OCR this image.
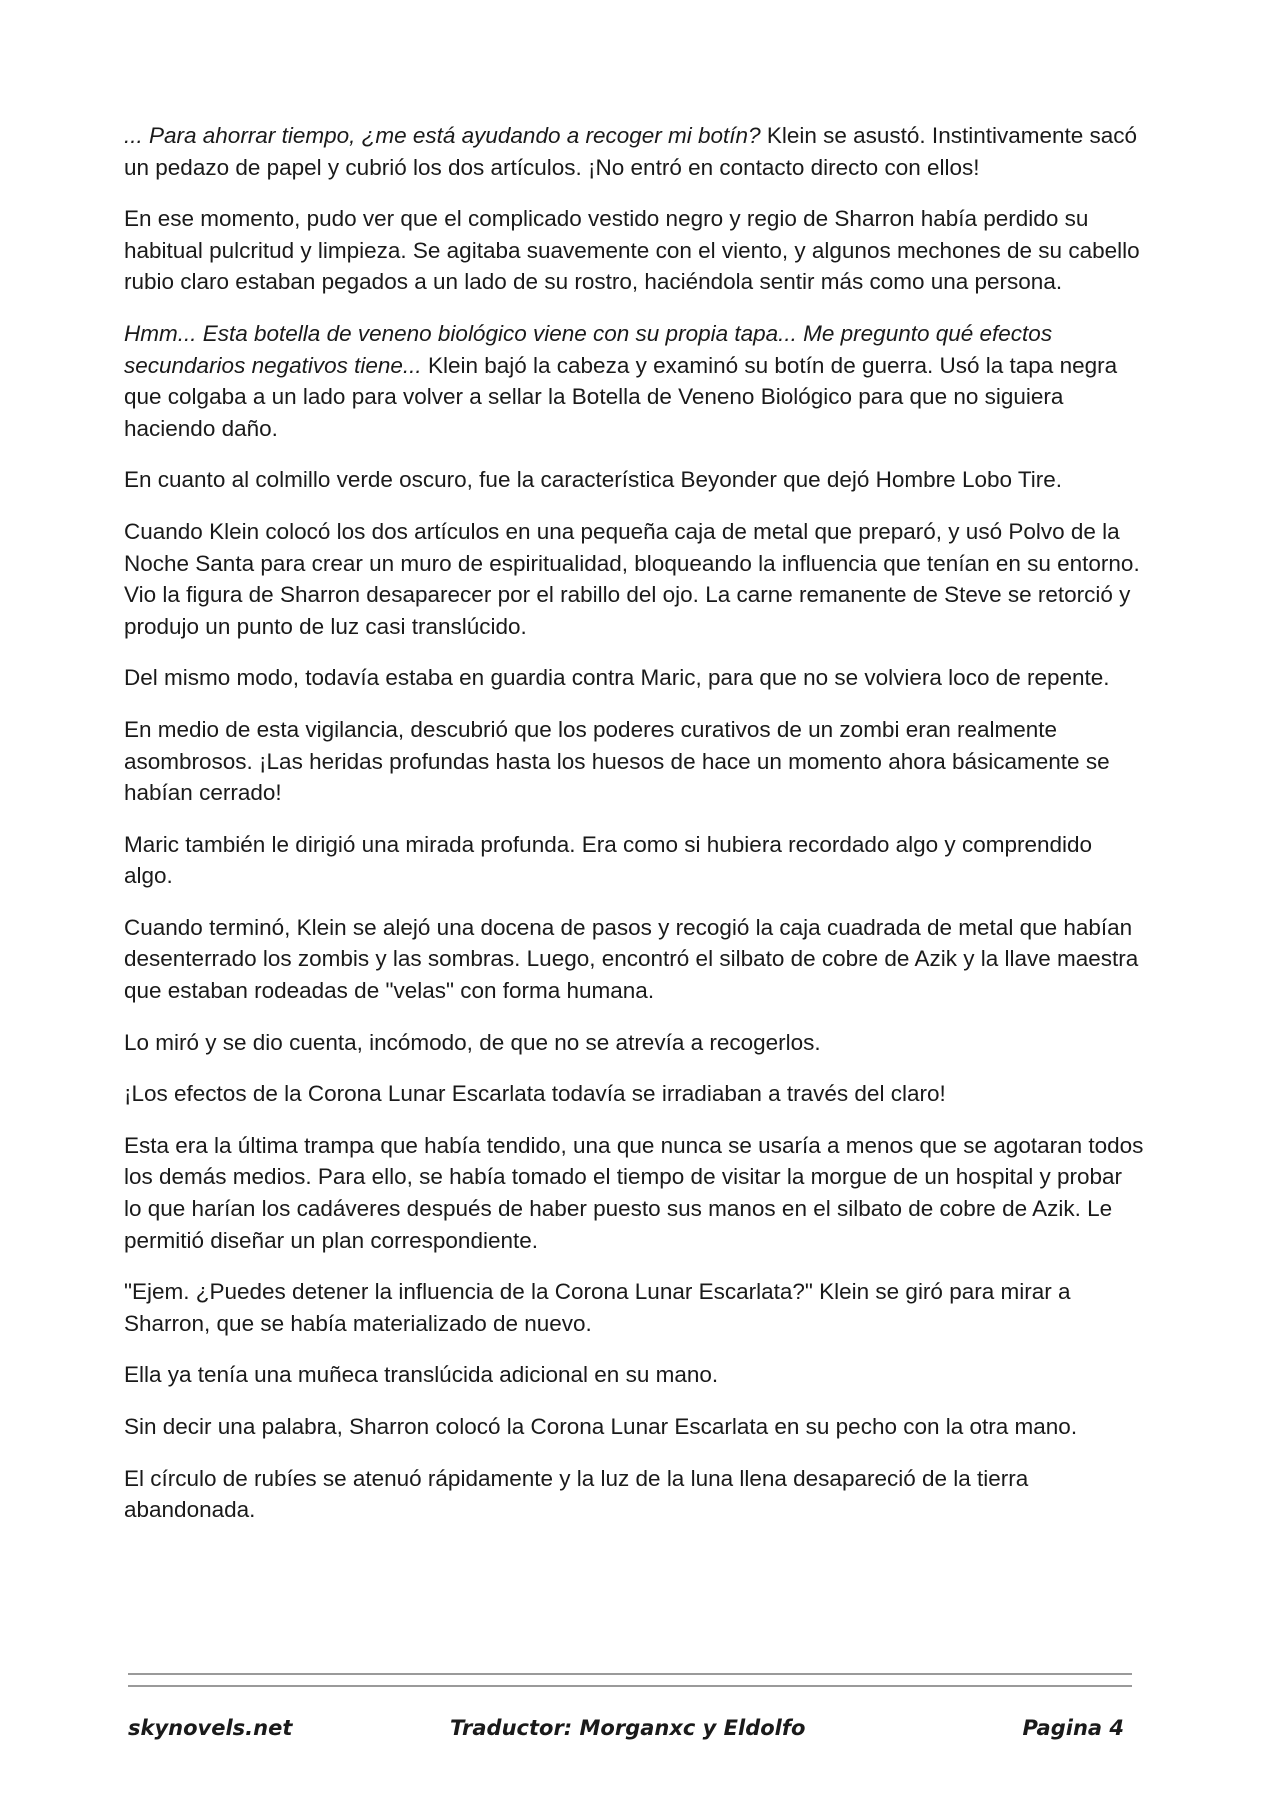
... Para ahorrar tiempo, ¿me está ayudando a recoger mi botín? Klein se asustó. Instintivamente sacó un pedazo de papel y cubrió los dos artículos. ¡No entró en contacto directo con ellos!

En ese momento, pudo ver que el complicado vestido negro y regio de Sharron había perdido su habitual pulcritud y limpieza. Se agitaba suavemente con el viento, y algunos mechones de su cabello rubio claro estaban pegados a un lado de su rostro, haciéndola sentir más como una persona.

Hmm... Esta botella de veneno biológico viene con su propia tapa... Me pregunto qué efectos secundarios negativos tiene... Klein bajó la cabeza y examinó su botín de guerra. Usó la tapa negra que colgaba a un lado para volver a sellar la Botella de Veneno Biológico para que no siguiera haciendo daño.

En cuanto al colmillo verde oscuro, fue la característica Beyonder que dejó Hombre Lobo Tire.

Cuando Klein colocó los dos artículos en una pequeña caja de metal que preparó, y usó Polvo de la Noche Santa para crear un muro de espiritualidad, bloqueando la influencia que tenían en su entorno. Vio la figura de Sharron desaparecer por el rabillo del ojo. La carne remanente de Steve se retorció y produjo un punto de luz casi translúcido.

Del mismo modo, todavía estaba en guardia contra Maric, para que no se volviera loco de repente.

En medio de esta vigilancia, descubrió que los poderes curativos de un zombi eran realmente asombrosos. ¡Las heridas profundas hasta los huesos de hace un momento ahora básicamente se habían cerrado!

Maric también le dirigió una mirada profunda. Era como si hubiera recordado algo y comprendido algo.

Cuando terminó, Klein se alejó una docena de pasos y recogió la caja cuadrada de metal que habían desenterrado los zombis y las sombras. Luego, encontró el silbato de cobre de Azik y la llave maestra que estaban rodeadas de "velas" con forma humana.

Lo miró y se dio cuenta, incómodo, de que no se atrevía a recogerlos.

¡Los efectos de la Corona Lunar Escarlata todavía se irradiaban a través del claro!

Esta era la última trampa que había tendido, una que nunca se usaría a menos que se agotaran todos los demás medios. Para ello, se había tomado el tiempo de visitar la morgue de un hospital y probar lo que harían los cadáveres después de haber puesto sus manos en el silbato de cobre de Azik. Le permitió diseñar un plan correspondiente.

"Ejem. ¿Puedes detener la influencia de la Corona Lunar Escarlata?" Klein se giró para mirar a Sharron, que se había materializado de nuevo.

Ella ya tenía una muñeca translúcida adicional en su mano.

Sin decir una palabra, Sharron colocó la Corona Lunar Escarlata en su pecho con la otra mano.

El círculo de rubíes se atenuó rápidamente y la luz de la luna llena desapareció de la tierra abandonada.

skynovels.net	Traductor: Morganxc y Eldolfo	Pagina 4
